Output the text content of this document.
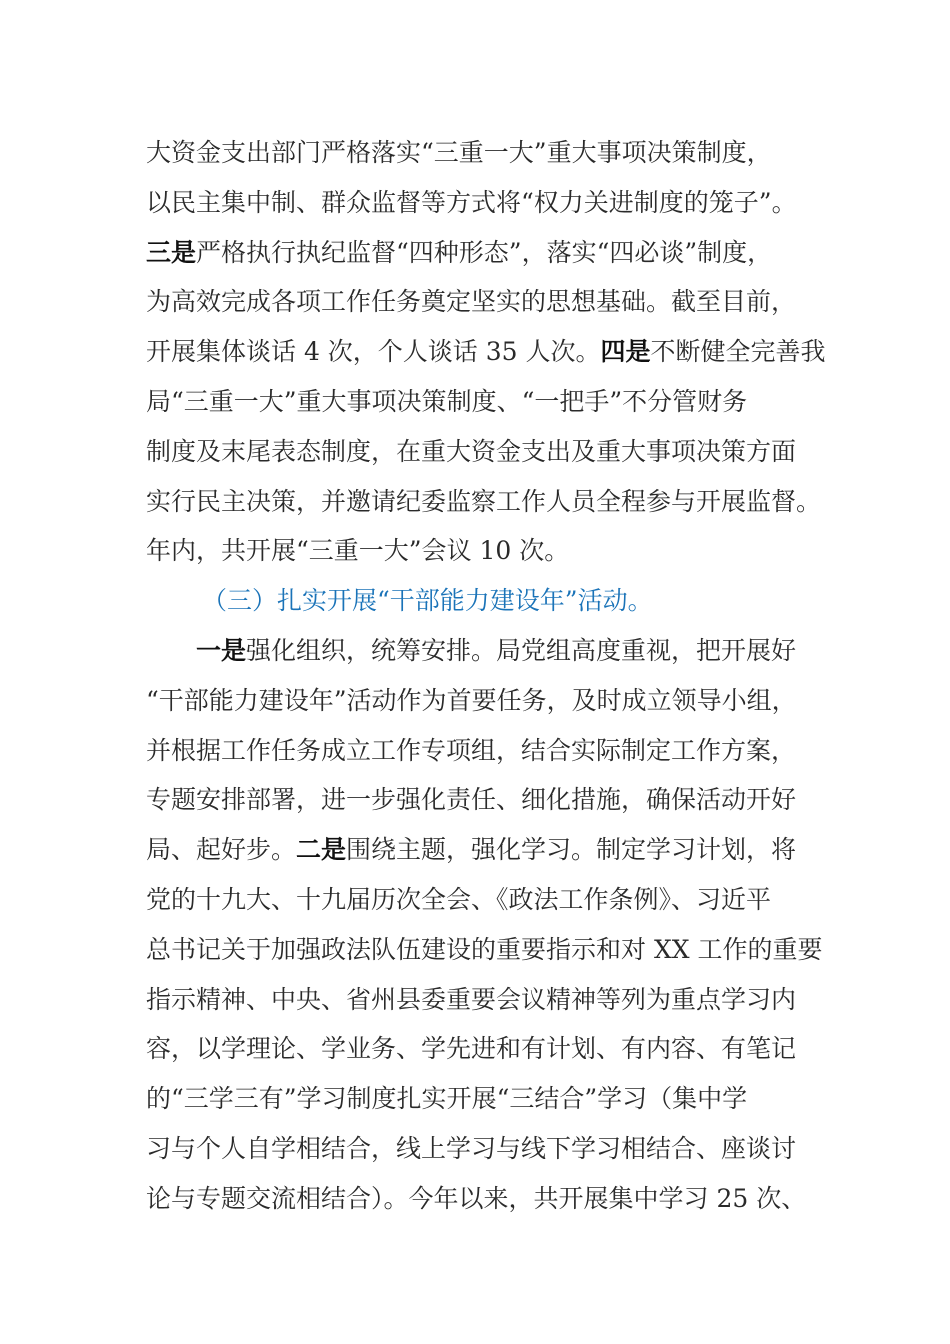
大资金支出部门严格落实“三重一大”重大事项决策制度，
以民主集中制、群众监督等方式将“权力关进制度的笼子”。
三是严格执行执纪监督“四种形态”，落实“四必谈”制度，
为高效完成各项工作任务奠定坚实的思想基础。截至目前，
开展集体谈话 4 次，个人谈话 35 人次。四是不断健全完善我
局“三重一大”重大事项决策制度、“一把手”不分管财务
制度及末尾表态制度，在重大资金支出及重大事项决策方面
实行民主决策，并邀请纪委监察工作人员全程参与开展监督。
年内，共开展“三重一大”会议 10 次。
（三）扎实开展“干部能力建设年”活动。
一是强化组织，统筹安排。局党组高度重视，把开展好
“干部能力建设年”活动作为首要任务，及时成立领导小组，
并根据工作任务成立工作专项组，结合实际制定工作方案，
专题安排部署，进一步强化责任、细化措施，确保活动开好
局、起好步。二是围绕主题，强化学习。制定学习计划，将
党的十九大、十九届历次全会、《政法工作条例》、习近平
总书记关于加强政法队伍建设的重要指示和对 XX 工作的重要
指示精神、中央、省州县委重要会议精神等列为重点学习内
容，以学理论、学业务、学先进和有计划、有内容、有笔记
的“三学三有”学习制度扎实开展“三结合”学习（集中学
习与个人自学相结合，线上学习与线下学习相结合、座谈讨
论与专题交流相结合）。今年以来，共开展集中学习 25 次、
